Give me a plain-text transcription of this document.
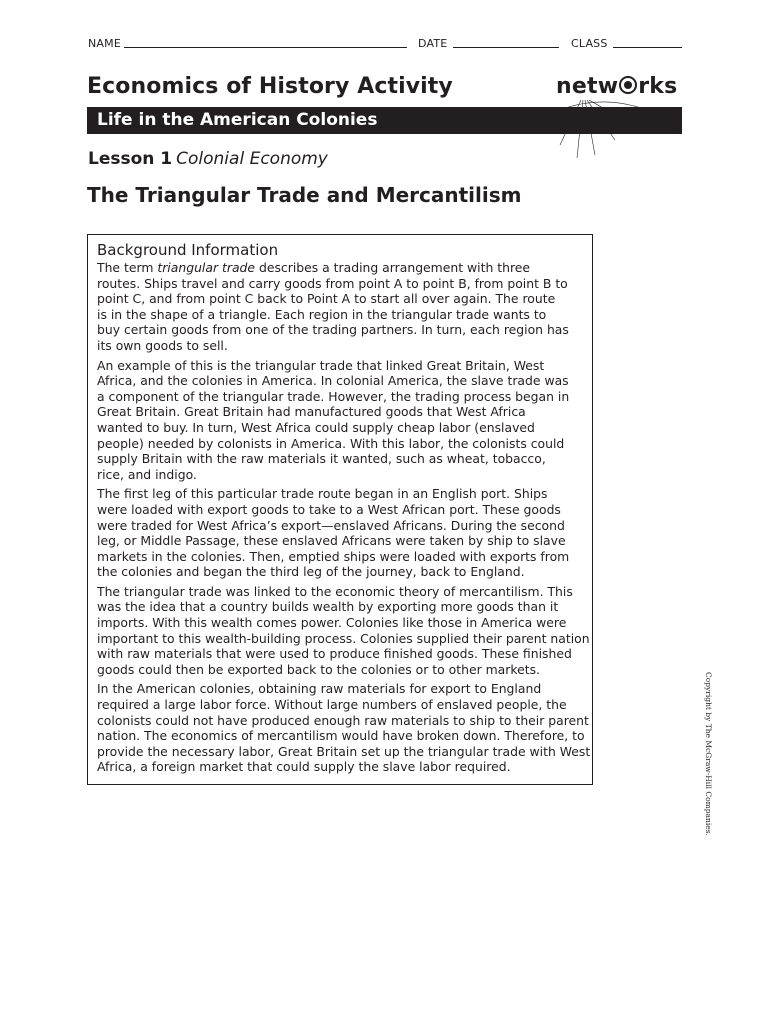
NAME	DATE	CLASS
Economics of History Activity	netw rks
Life in the American Colonies
Lesson 1 Colonial Economy
The Triangular Trade and Mercantilism
Background Information

The term triangular trade describes a trading arrangement with three
routes. Ships travel and carry goods from point A to point B, from point B to
point C, and from point C back to Point A to start all over again. The route
is in the shape of a triangle. Each region in the triangular trade wants to
buy certain goods from one of the trading partners. In turn, each region has
its own goods to sell.

An example of this is the triangular trade that linked Great Britain, West
Africa, and the colonies in America. In colonial America, the slave trade was
a component of the triangular trade. However, the trading process began in
Great Britain. Great Britain had manufactured goods that West Africa
wanted to buy. In turn, West Africa could supply cheap labor (enslaved
people) needed by colonists in America. With this labor, the colonists could
supply Britain with the raw materials it wanted, such as wheat, tobacco,
rice, and indigo.

The first leg of this particular trade route began in an English port. Ships
were loaded with export goods to take to a West African port. These goods
were traded for West Africa’s export—enslaved Africans. During the second
leg, or Middle Passage, these enslaved Africans were taken by ship to slave
markets in the colonies. Then, emptied ships were loaded with exports from
the colonies and began the third leg of the journey, back to England.

The triangular trade was linked to the economic theory of mercantilism. This
was the idea that a country builds wealth by exporting more goods than it
imports. With this wealth comes power. Colonies like those in America were
important to this wealth-building process. Colonies supplied their parent nation
with raw materials that were used to produce finished goods. These finished
goods could then be exported back to the colonies or to other markets.

In the American colonies, obtaining raw materials for export to England
required a large labor force. Without large numbers of enslaved people, the
colonists could not have produced enough raw materials to ship to their parent
nation. The economics of mercantilism would have broken down. Therefore, to
provide the necessary labor, Great Britain set up the triangular trade with West
Africa, a foreign market that could supply the slave labor required.	Copyright by The McGraw-Hill Companies.
